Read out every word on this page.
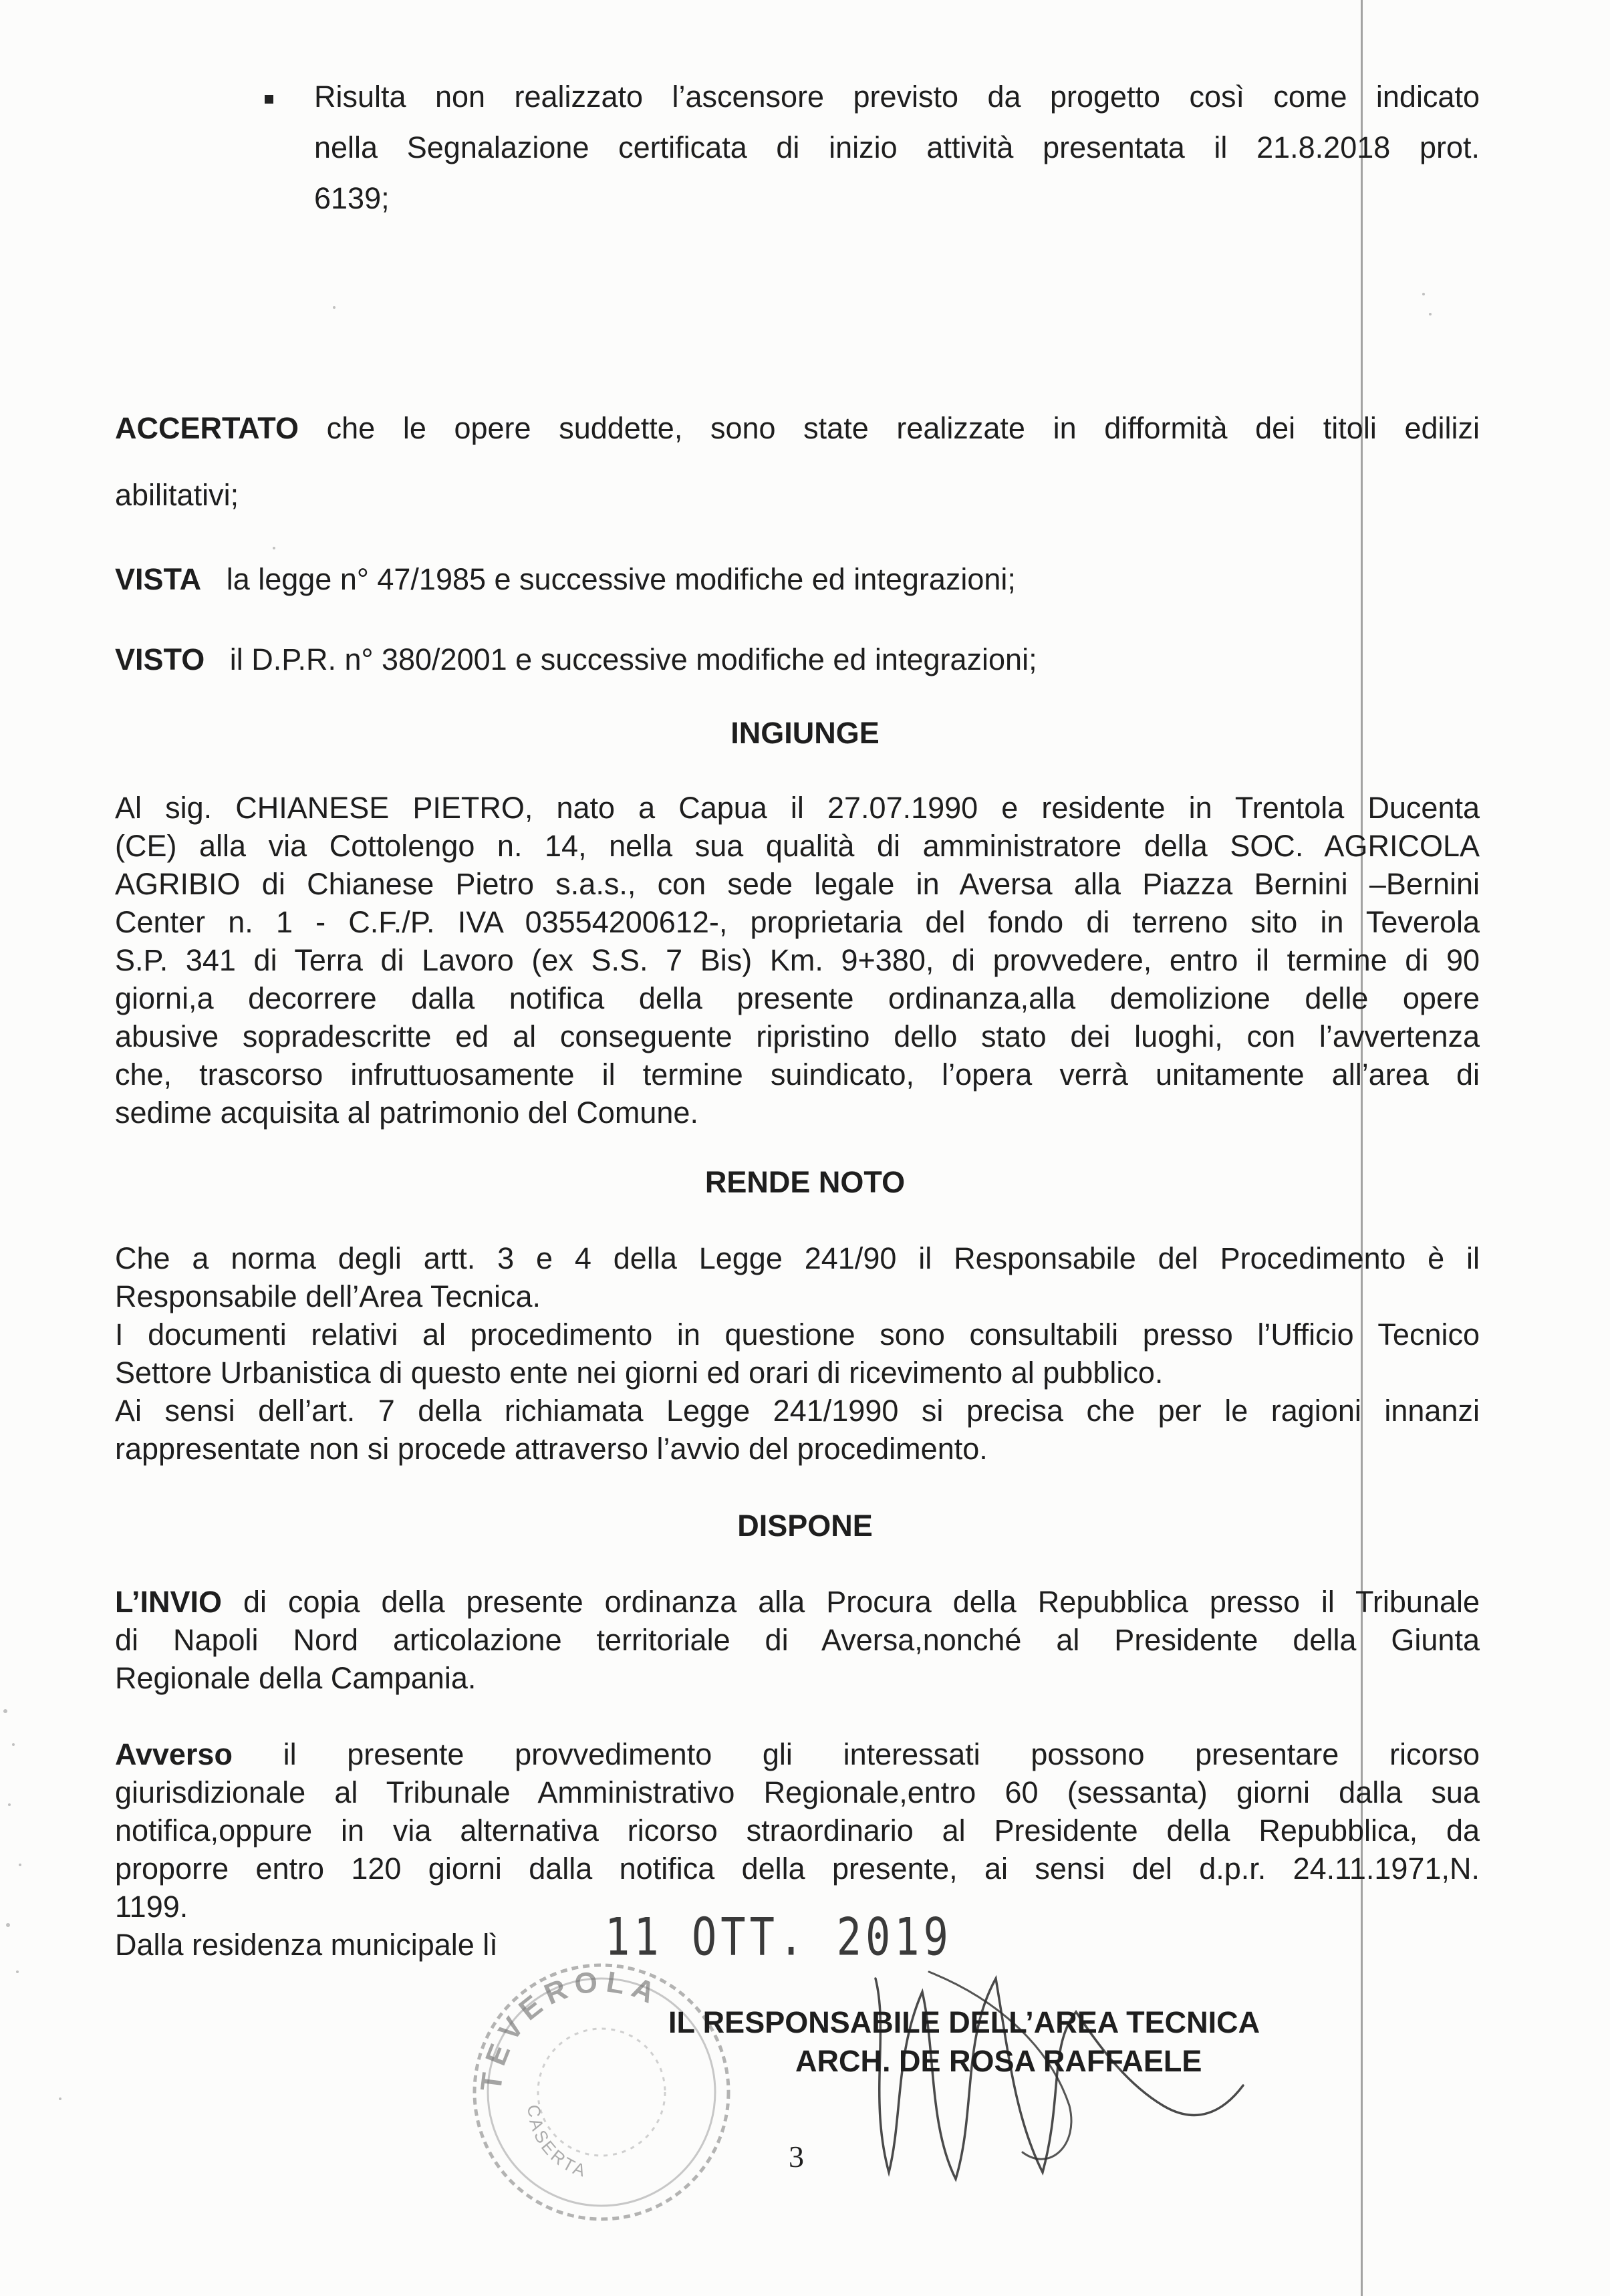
Risulta non realizzato l’ascensore previsto da progetto così come indicato
nella Segnalazione certificata di inizio attività presentata il 21.8.2018 prot.
6139;
ACCERTATO che le opere suddette, sono state realizzate in difformità dei titoli edilizi
abilitativi;
VISTA la legge n° 47/1985 e successive modifiche ed integrazioni;
VISTO il D.P.R. n° 380/2001 e successive modifiche ed integrazioni;
INGIUNGE
Al sig. CHIANESE PIETRO, nato a Capua il 27.07.1990 e residente in Trentola Ducenta
(CE) alla via Cottolengo n. 14, nella sua qualità di amministratore della SOC. AGRICOLA
AGRIBIO di Chianese Pietro s.a.s., con sede legale in Aversa alla Piazza Bernini –Bernini
Center n. 1 - C.F./P. IVA 03554200612-, proprietaria del fondo di terreno sito in Teverola
S.P. 341 di Terra di Lavoro (ex S.S. 7 Bis) Km. 9+380, di provvedere, entro il termine di 90
giorni,a decorrere dalla notifica della presente ordinanza,alla demolizione delle opere
abusive sopradescritte ed al conseguente ripristino dello stato dei luoghi, con l’avvertenza
che, trascorso infruttuosamente il termine suindicato, l’opera verrà unitamente all’area di
sedime acquisita al patrimonio del Comune.
RENDE NOTO
Che a norma degli artt. 3 e 4 della Legge 241/90 il Responsabile del Procedimento è il
Responsabile dell’Area Tecnica.
I documenti relativi al procedimento in questione sono consultabili presso l’Ufficio Tecnico
Settore Urbanistica di questo ente nei giorni ed orari di ricevimento al pubblico.
Ai sensi dell’art. 7 della richiamata Legge 241/1990 si precisa che per le ragioni innanzi
rappresentate non si procede attraverso l’avvio del procedimento.
DISPONE
L’INVIO di copia della presente ordinanza alla Procura della Repubblica presso il Tribunale
di Napoli Nord articolazione territoriale di Aversa,nonché al Presidente della Giunta
Regionale della Campania.
Avverso il presente provvedimento gli interessati possono presentare ricorso
giurisdizionale al Tribunale Amministrativo Regionale,entro 60 (sessanta) giorni dalla sua
notifica,oppure in via alternativa ricorso straordinario al Presidente della Repubblica, da
proporre entro 120 giorni dalla notifica della presente, ai sensi del d.p.r. 24.11.1971,N.
1199.
Dalla residenza municipale lì	11 OTT. 2019
TEVEROLA
CASERTA
IL RESPONSABILE DELL’AREA TECNICA
ARCH. DE ROSA RAFFAELE
3
